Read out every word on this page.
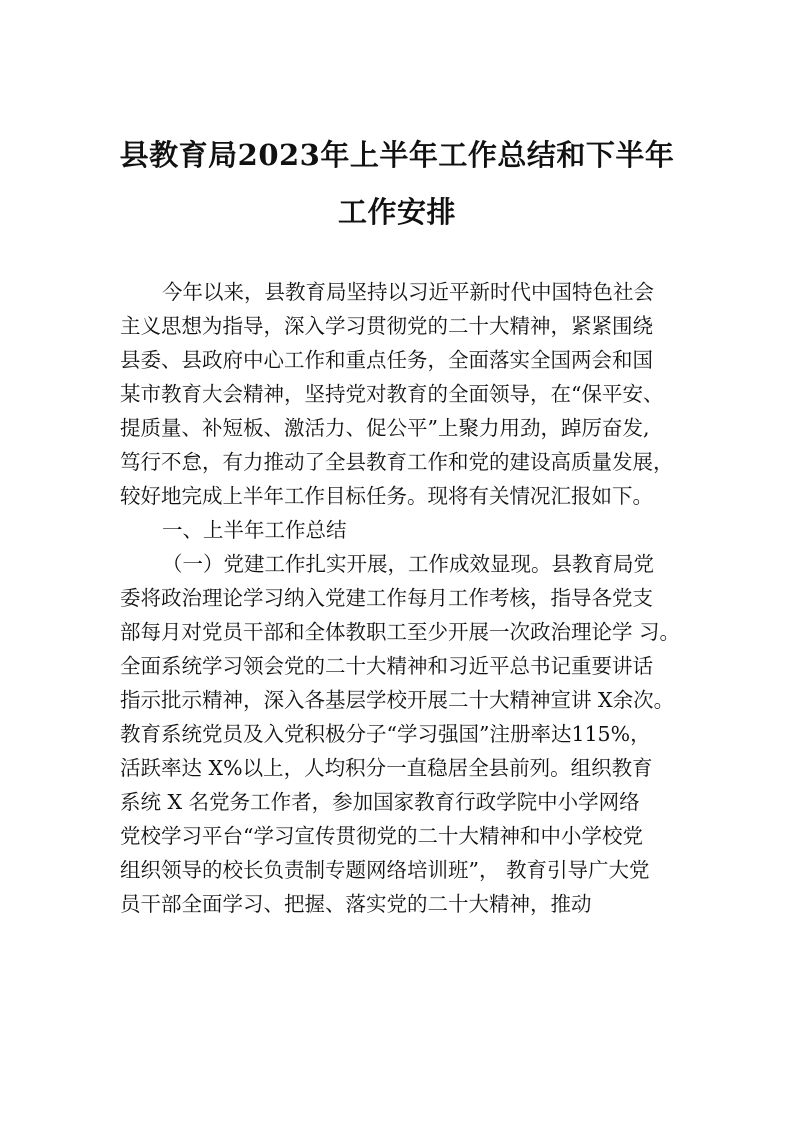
县教育局2023年上半年工作总结和下半年
工作安排
今年以来，县教育局坚持以习近平新时代中国特色社会
主义思想为指导，深入学习贯彻党的二十大精神，紧紧围绕
县委、县政府中心工作和重点任务，全面落实全国两会和国
某市教育大会精神，坚持党对教育的全面领导，在“保平安、
提质量、补短板、激活力、促公平”上聚力用劲，踔厉奋发,
笃行不怠，有力推动了全县教育工作和党的建设高质量发展，
较好地完成上半年工作目标任务。现将有关情况汇报如下。
一、上半年工作总结
（一）党建工作扎实开展，工作成效显现。县教育局党
委将政治理论学习纳入党建工作每月工作考核，指导各党支
部每月对党员干部和全体教职工至少开展一次政治理论学 习。
全面系统学习领会党的二十大精神和习近平总书记重要讲话
指示批示精神，深入各基层学校开展二十大精神宣讲 X余次。
教育系统党员及入党积极分子“学习强国”注册率达115%，
活跃率达 X%以上，人均积分一直稳居全县前列。组织教育
系统 X 名党务工作者，参加国家教育行政学院中小学网络
党校学习平台“学习宣传贯彻党的二十大精神和中小学校党
组织领导的校长负责制专题网络培训班”， 教育引导广大党
员干部全面学习、把握、落实党的二十大精神，推动
